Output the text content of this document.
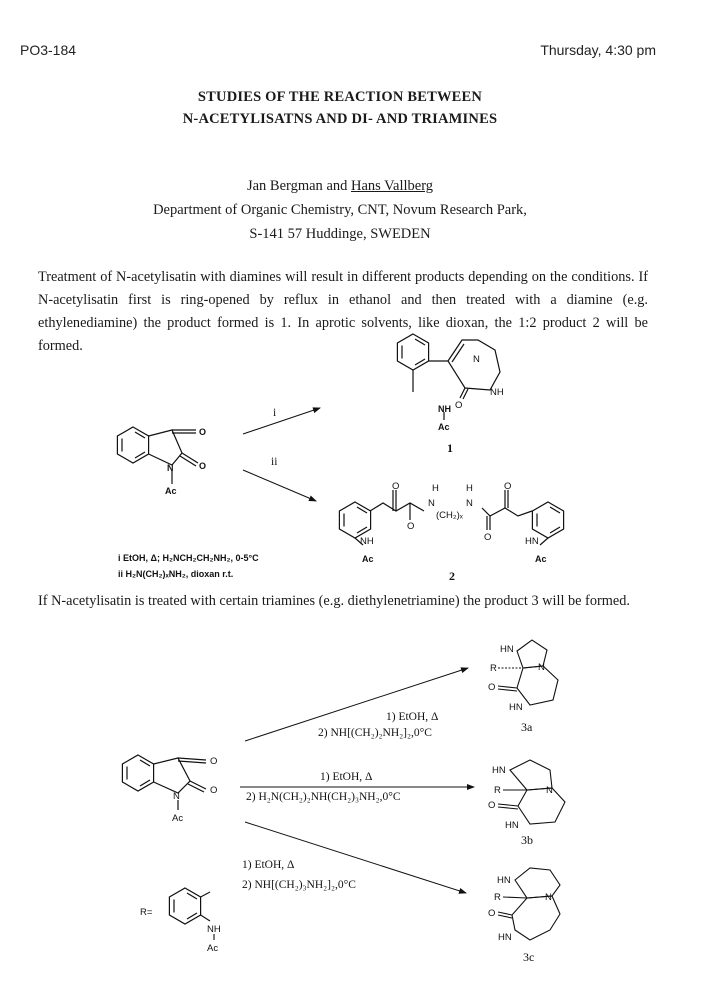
PO3-184	Thursday, 4:30 pm
STUDIES OF THE REACTION BETWEEN
N-ACETYLISATNS AND DI- AND TRIAMINES
Jan Bergman and Hans Vallberg
Department of Organic Chemistry, CNT, Novum Research Park,
S-141 57 Huddinge, SWEDEN
Treatment of N-acetylisatin with diamines will result in different products depending on the conditions. If N-acetylisatin first is ring-opened by reflux in ethanol and then treated with a diamine (e.g. ethylenediamine) the product formed is 1. In aprotic solvents, like dioxan, the 1:2 product 2 will be formed.
If N-acetylisatin is treated with certain triamines (e.g. diethylenetriamine) the product 3 will be formed.
O
O
N
Ac
i
ii
N
NH
O
NH
Ac
1
O	O
O
O
H	H
N	N
(CH₂)ₓ
NH	HN
Ac	Ac
2
i EtOH, Δ; H₂NCH₂CH₂NH₂, 0-5°C
ii H₂N(CH₂)ₓNH₂, dioxan r.t.
O
O
N
Ac
1) EtOH, Δ
2) NH[(CH₂)₂NH₂]₂,0°C
1) EtOH, Δ
2) H₂N(CH₂)₂NH(CH₂)₃NH₂,0°C
1) EtOH, Δ
2) NH[(CH₂)₃NH₂]₂,0°C
HN
R	N
O
HN
3a
HN
R	N
O
HN
3b
HN
R	N
O
HN
3c
R=
NH
Ac
